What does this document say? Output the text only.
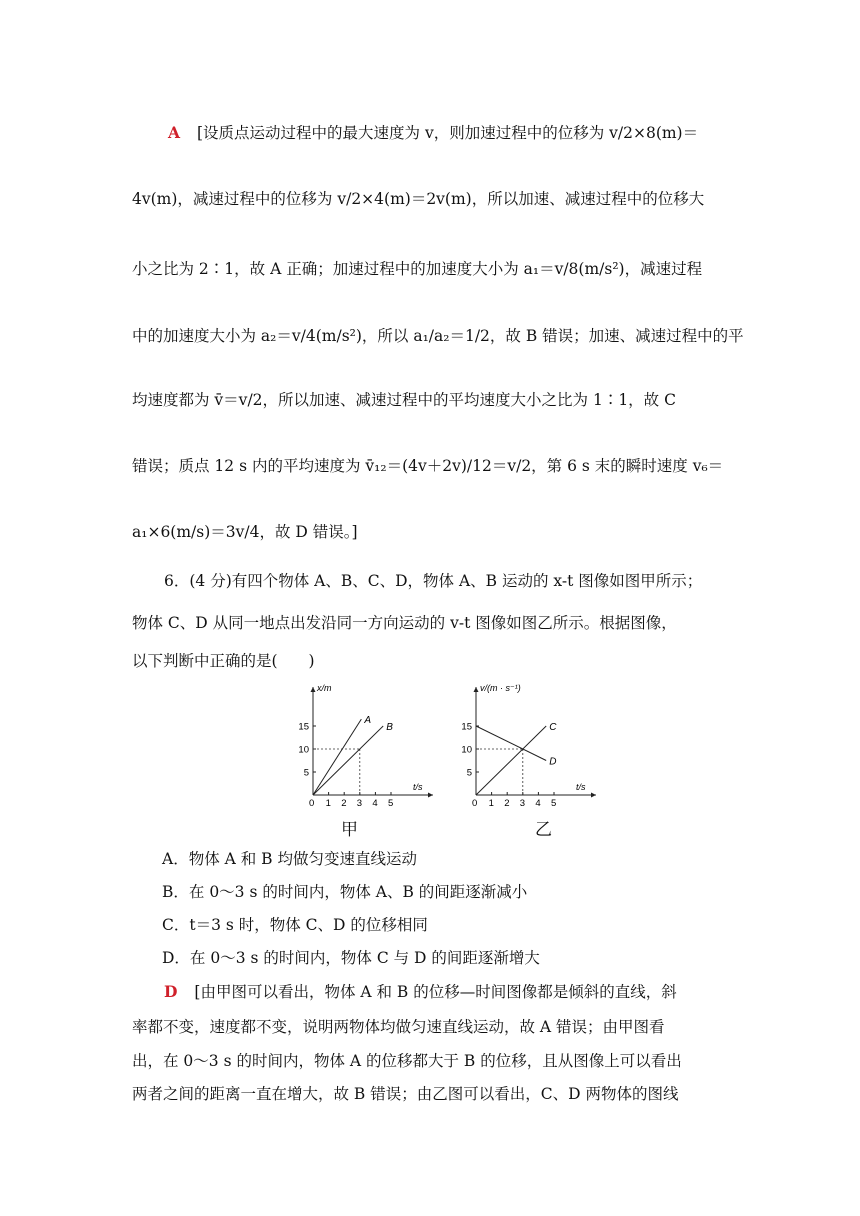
A [设质点运动过程中的最大速度为 v，则加速过程中的位移为 v/2×8(m)＝
4v(m)，减速过程中的位移为 v/2×4(m)＝2v(m)，所以加速、减速过程中的位移大
小之比为 2∶1，故 A 正确；加速过程中的加速度大小为 a₁＝v/8(m/s²)，减速过程
中的加速度大小为 a₂＝v/4(m/s²)，所以 a₁/a₂＝1/2，故 B 错误；加速、减速过程中的平
均速度都为 v̄＝v/2，所以加速、减速过程中的平均速度大小之比为 1∶1，故 C
错误；质点 12 s 内的平均速度为 v̄₁₂＝(4v＋2v)/12＝v/2，第 6 s 末的瞬时速度 v₆＝
a₁×6(m/s)＝3v/4，故 D 错误。]
6．(4 分)有四个物体 A、B、C、D，物体 A、B 运动的 x-t 图像如图甲所示；
物体 C、D 从同一地点出发沿同一方向运动的 v-t 图像如图乙所示。根据图像，
以下判断中正确的是(　　)
x/m
t/s
0 1 2 3 4 5
5
10
15
A
B
甲
v/(m · s⁻¹)
t/s
0 1 2 3 4 5
5
10
15	C
D
乙
A．物体 A 和 B 均做匀变速直线运动
B．在 0～3 s 的时间内，物体 A、B 的间距逐渐减小
C．t＝3 s 时，物体 C、D 的位移相同
D．在 0～3 s 的时间内，物体 C 与 D 的间距逐渐增大
D [由甲图可以看出，物体 A 和 B 的位移—时间图像都是倾斜的直线，斜
率都不变，速度都不变，说明两物体均做匀速直线运动，故 A 错误；由甲图看
出，在 0～3 s 的时间内，物体 A 的位移都大于 B 的位移，且从图像上可以看出
两者之间的距离一直在增大，故 B 错误；由乙图可以看出，C、D 两物体的图线
